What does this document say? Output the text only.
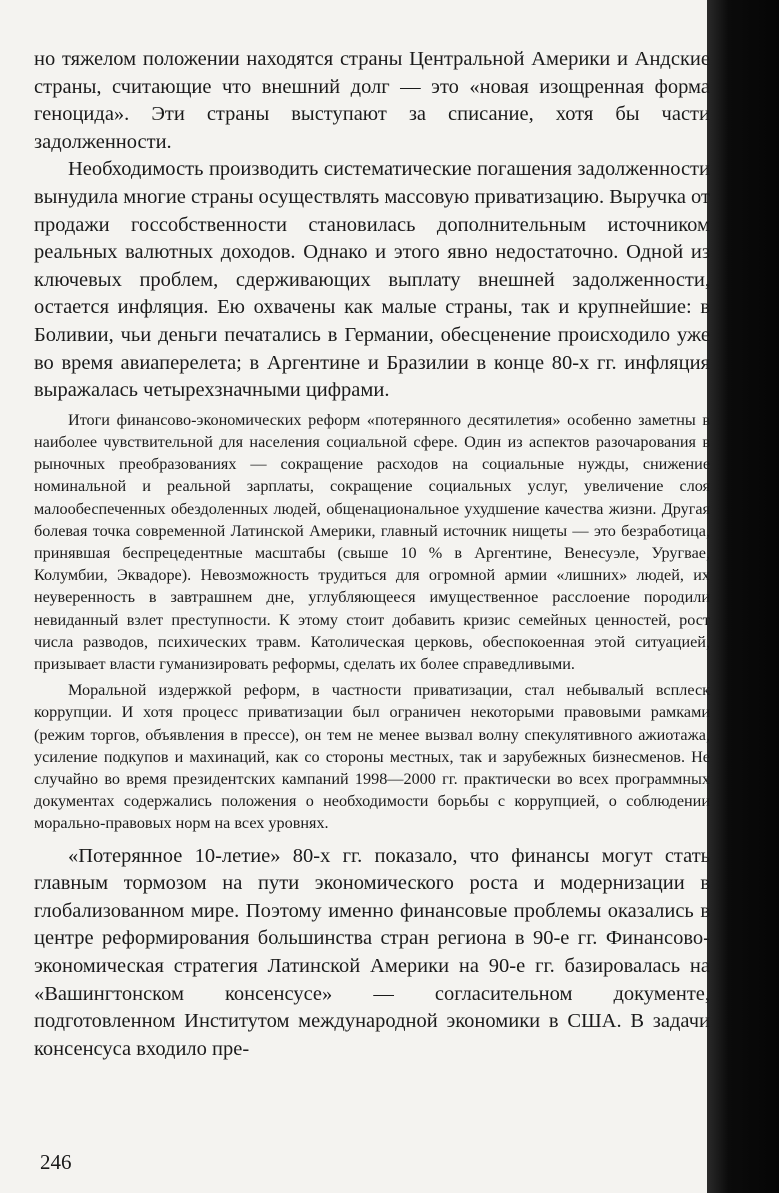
но тяжелом положении находятся страны Центральной Америки и Андские страны, считающие что внешний долг — это «новая изощренная форма геноцида». Эти страны выступают за списание, хотя бы части задолженности.

Необходимость производить систематические погашения задолженности вынудила многие страны осуществлять массовую приватизацию. Выручка от продажи госсобственности становилась дополнительным источником реальных валютных доходов. Однако и этого явно недостаточно. Одной из ключевых проблем, сдерживающих выплату внешней задолженности, остается инфляция. Ею охвачены как малые страны, так и крупнейшие: в Боливии, чьи деньги печатались в Германии, обесценение происходило уже во время авиаперелета; в Аргентине и Бразилии в конце 80-х гг. инфляция выражалась четырехзначными цифрами.

Итоги финансово-экономических реформ «потерянного десятилетия» особенно заметны в наиболее чувствительной для населения социальной сфере. Один из аспектов разочарования в рыночных преобразованиях — сокращение расходов на социальные нужды, снижение номинальной и реальной зарплаты, сокращение социальных услуг, увеличение слоя малообеспеченных обездоленных людей, общенациональное ухудшение качества жизни. Другая болевая точка современной Латинской Америки, главный источник нищеты — это безработица, принявшая беспрецедентные масштабы (свыше 10 % в Аргентине, Венесуэле, Уругвае, Колумбии, Эквадоре). Невозможность трудиться для огромной армии «лишних» людей, их неуверенность в завтрашнем дне, углубляющееся имущественное расслоение породили невиданный взлет преступности. К этому стоит добавить кризис семейных ценностей, рост числа разводов, психических травм. Католическая церковь, обеспокоенная этой ситуацией, призывает власти гуманизировать реформы, сделать их более справедливыми.

Моральной издержкой реформ, в частности приватизации, стал небывалый всплеск коррупции. И хотя процесс приватизации был ограничен некоторыми правовыми рамками (режим торгов, объявления в прессе), он тем не менее вызвал волну спекулятивного ажиотажа, усиление подкупов и махинаций, как со стороны местных, так и зарубежных бизнесменов. Не случайно во время президентских кампаний 1998—2000 гг. практически во всех программных документах содержались положения о необходимости борьбы с коррупцией, о соблюдении морально-правовых норм на всех уровнях.

«Потерянное 10-летие» 80-х гг. показало, что финансы могут стать главным тормозом на пути экономического роста и модернизации в глобализованном мире. Поэтому именно финансовые проблемы оказались в центре реформирования большинства стран региона в 90-е гг. Финансово-экономическая стратегия Латинской Америки на 90-е гг. базировалась на «Вашингтонском консенсусе» — согласительном документе, подготовленном Институтом международной экономики в США. В задачи консенсуса входило пре-

246
